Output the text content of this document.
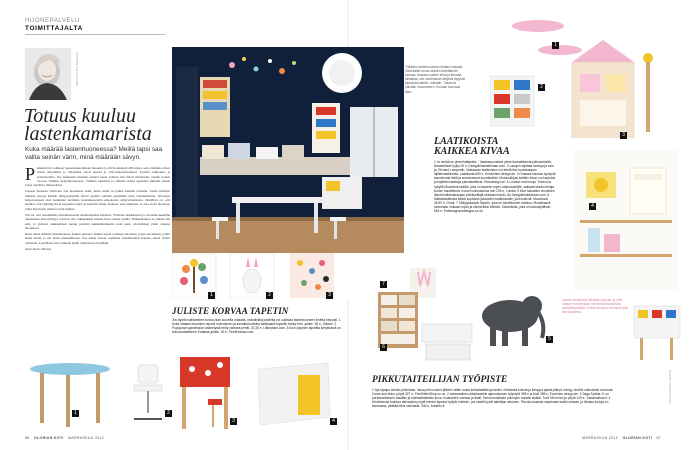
HUONEPALVELU
TOIMITTAJALTA
ANNA-KAISA MELVAS
Totuus kuuluu
lastenkamarista
Kuka määrää lastenhuoneessa? Meillä lapsi saa valita seinän värin, minä määrään sävyn.

Pikkutyttöni voihkoio lapsuudenkodissani huoneita ja olivin sinkkejä sillä aikaa, kun olisimme olleet töissä. Ilmoimme jo villaiseksi olivat aparisi ja villi-vinkometsaniuni. Typeriä vaihtoehto ja pohsustuvilla, itse hakkausta muistan seinien kuosi vaalean että silloit maalissani, ensuin isoiksi vuoron, villaiksi kylpyhuoneeseen. Vieläkin tuntemus ja viihteita miska epeittivat minulle aulaan joista olevllista mitsuudessa.

Lapsesi huoneen värinvien olla kieriskaan suuri, kuuri siellä on paikat kaikille tarmelle. Uusin esittäjen muksun teeseyt kärmät tähtyytyksetöin lanvat pieniin osiltään puremmin kuin vaimiskalustet. Siivousta helpottaakseni olen hankkinut kotimme lastenhuoneisiin erikokoisia säilytyslaatikoita. Oheillista on, että laatikot ovat läpinäkyviä ja tarpeeksi suuria ja kestäviä leluja. Kukaan, edes aikuinen, ei osaa aivan huonetta, jolloi hän tietää, missä tavarat kuuluu.

Toivon, että useammalla lastenhuoneella sinunteitiseksi keltaisia. Yhteinen leikkihuone ja vuodehuoneemme rakennetun kerrossängyt voisivat olla rakkaudeksi kuvien tilaa omaan meille. Nukkemainen ei palinut tila ensi, ja yhdessä nukkuminen tuntuu pienistä nukkuminukselta kuin unen odottamisen yksin omassa huoneessa.

Kuka sitten määrää lastenhuoneen kaupin puiluer? Kaikki lapset tottuneet huoltajat, joiset selvittensä, jotkut kaula mulla, ja me yhdet muuttumiseen. Itse annan lasteni osallistua suunnitteluun liopisia, kuten värien valintaan. Lopullisen sävyvalinnan pidän toimintokoi itsellänki.

Anna-Kaisa Melvas

Tällaisen lastenhuoneen rintakin kelpaisi. Värä-kaikki suma seinän kiinnittämän tulosaa. Ainoana naisen leina ja idemaa loitaistaa, niin vanhimmat väriyksit löytyvät pikkuista kattolle, mitkään. Tässä ne päivään huoneeseen. Kuvaan kuuluvat tilaa.
1	2	3
JULISTE KORVAA TAPETIN
Jos tapetti vaihtaminen tuntuu liian suurelta urakalta, muistiinkilä julisteita voi uudistaa lastenhuoneen ilmettä helposti. 1 Kuka ottaaan muumien reposti muinaiseen ja samalla kuvisilta kaikkiaalle lapselle family tree -juliste, 55 e, Oikean. 2 Pupujussin gardenalon asiteetystä tehty vamkea printti, 20,30 e, Littlephant.com. 3 Kuin pajunen tapetilta kehyksissä on kuhuunoikaleinen Kratakar-juliste, 40 e, FinellHolaau.com.
1	2
3	4
86 GLORIAN KOTI MARRASKUU 2012
1
2
3
LAATIKOISTA
KAIKKEA KIVAA
1 Ja lentää se pilvenhattaraks... Vaaleanpunaiset pilvet kannattelevat pikkuesineitä. Nasaalmiset hyllyt 20 e, Designkirkutakesaan.com. 2 Lasujen sijoittaa kantuja ja vain ja, Richard Lampertin. Vastaavan laatikoiston voi tehdä itse ruokakaupan lajittelulaatikoista. Laatikosta 560 e, Ennichhen-design.de. 3 Omassa kolossa syntyvät kauniimmat leikit ja suloisemmat suomikohtet. Mustuskirjasi keittiön lokun voi kopioida ja käyttää kasaltoja pahvitaattiksia, Kimodesign.se. 4 Lundiat ovat kivoja. Tukeva ja hyllyllä Muumieni-tarkilla, joka on tarpeen myös vaikuutustöille, saitsaat sinutin tietoja kuvien kaudtelmat. Kuvan kokonaisuus non 205 e, Lundia. 5 Mun sanaiden vinneiden tässä kotihanakaupan poikkiyrittäjä sinkkanni taulu. As Designtirkutakesan.com. 6 Mattaslaatikosta kaikki sopivaan jalustoihin laatikossalle, joka kuluvat. Muustuvat 45,90 e, Grant. 7 Säilytyskaapin Wyörin, joka on toivelikuvien mahtuu. Mustekasvit tunnetaan mukaan myös ja esimerkiksi eläimiä. Sahuktioita, joka on kaivostyttäviin, 654 e, Erdentagrunddesigns.co.uk.
4
Lapset rakastavat tikkaikkia asioita, ja niitä omaan huoneistaan hoit tehdä itsepäisiltä kaikkilämpöisillä. Kuvan omassa nimessä sekä liitä tulostetta.
7
6
5
PIKKUTAITEILIJAN TYÖPISTE
1 Nyt tapapu seinän pinnetaan. Iskua pitti nuosen jälkeen sitten uusia keimalaatikkoja tankki. Keskessä tulevat ja keluppa ajasta jäänyt, kiertyy oleville sotkuisesti arvonnat. Come and draw -pöytä 327 e, FineKittenShop.co.uk. 2 Isänmaalleen aikakaudelle ajamoduusen työpöytä 398 e ja tuoli 398 e, Ennichen-design.de. 3 Saga Sukkia, 5. on pörästuvillaksen maalittu ja kotihaaltalaisten kuva, leuatoimiin valossa ja tilatit, Tarina kohdistaa pukeujen maatisi sisällä. Tuoli 98 kerran ja pöytä 149 e, Jussinsaikoa.fi. 4 Hirviöisessä kodissa tarhaavien pöytä menee lapsesi hyllylle mieleen, jos vaadit hyvät taiteilijan aikuinen. Piccolo-taulusta sarjotuista kaikki sekaan, ja hilatisa luoloja on tavaraana, pitäkää tiivis nsikulalla. 330 e, Artnetto.fi.
KUVAT: VALMISTAJAT
MARRASKUU 2012 GLORIAN KOTI 87
